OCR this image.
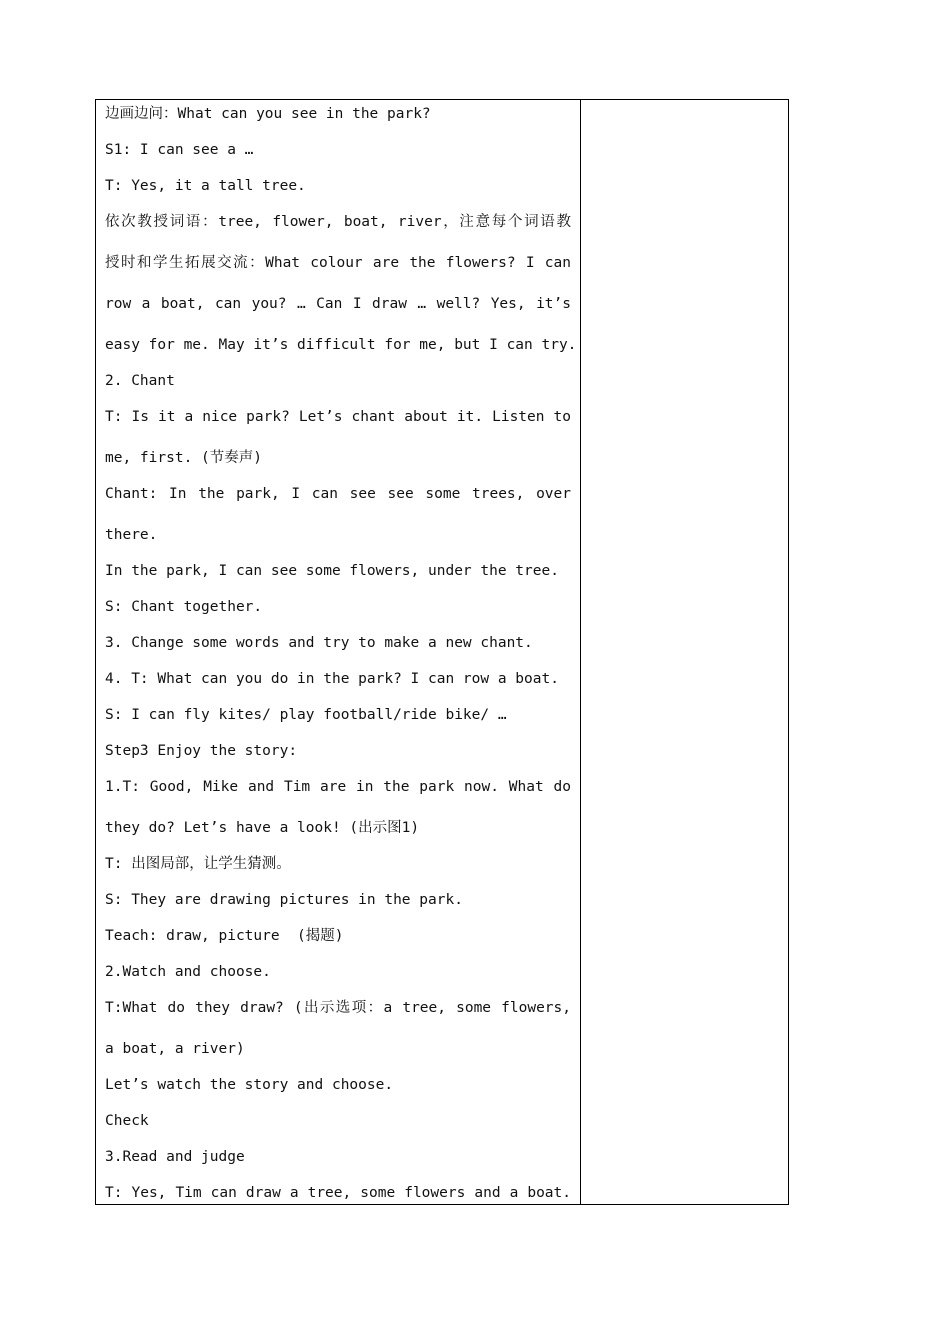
边画边问：What can you see in the park?
S1: I can see a …
T: Yes, it a tall tree.
依次教授词语：tree, flower, boat, river，注意每个词语教
授时和学生拓展交流：What colour are the flowers? I can
row a boat, can you? … Can I draw … well? Yes, it’s
easy for me. May it’s difficult for me, but I can try.
2. Chant
T: Is it a nice park? Let’s chant about it. Listen to
me, first. (节奏声)
Chant: In the park, I can see see some trees, over
there.
In the park, I can see some flowers, under the tree.
S: Chant together.
3. Change some words and try to make a new chant.
4. T: What can you do in the park? I can row a boat.
S: I can fly kites/ play football/ride bike/ …
Step3 Enjoy the story:
1.T: Good, Mike and Tim are in the park now. What do
they do? Let’s have a look! (出示图1)
T: 出图局部，让学生猜测。
S: They are drawing pictures in the park.
Teach: draw, picture  (揭题)
2.Watch and choose.
T:What do they draw? (出示选项：a tree, some flowers,
a boat, a river)
Let’s watch the story and choose.
Check
3.Read and judge
T: Yes, Tim can draw a tree, some flowers and a boat.
